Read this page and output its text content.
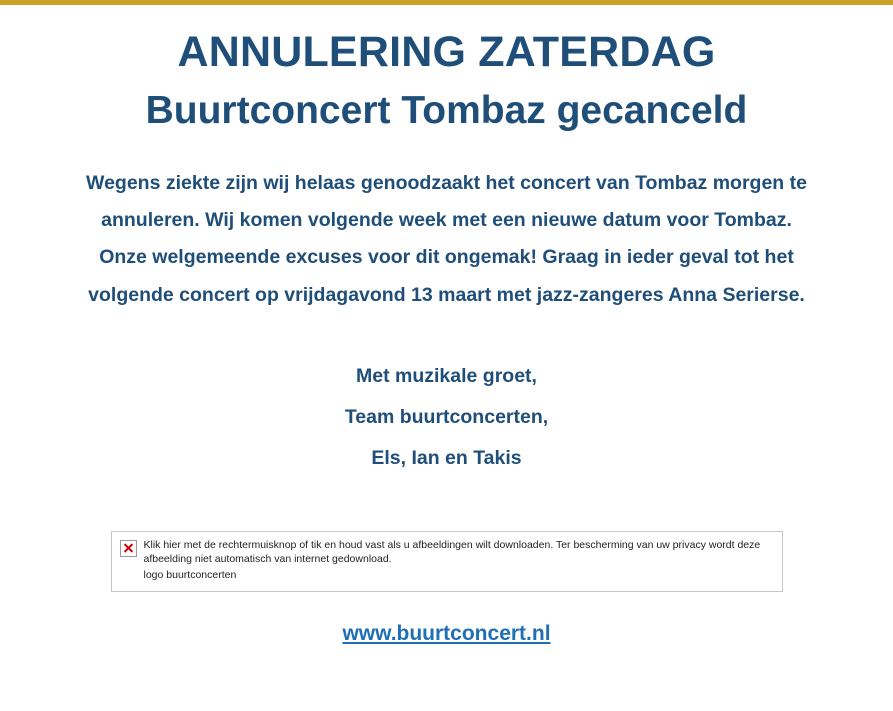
ANNULERING ZATERDAG
Buurtconcert Tombaz gecanceld

Wegens ziekte zijn wij helaas genoodzaakt het concert van Tombaz morgen te

annuleren. Wij komen volgende week met een nieuwe datum voor Tombaz.

Onze welgemeende excuses voor dit ongemak! Graag in ieder geval tot het

volgende concert op vrijdagavond 13 maart met jazz-zangeres Anna Serierse.

Met muzikale groet,
Team buurtconcerten,
Els, Ian en Takis
Klik hier met de rechtermuisknop of tik en houd vast als u afbeeldingen wilt downloaden. Ter bescherming van uw privacy wordt deze afbeelding niet automatisch van internet gedownload.
logo buurtconcerten
www.buurtconcert.nl
